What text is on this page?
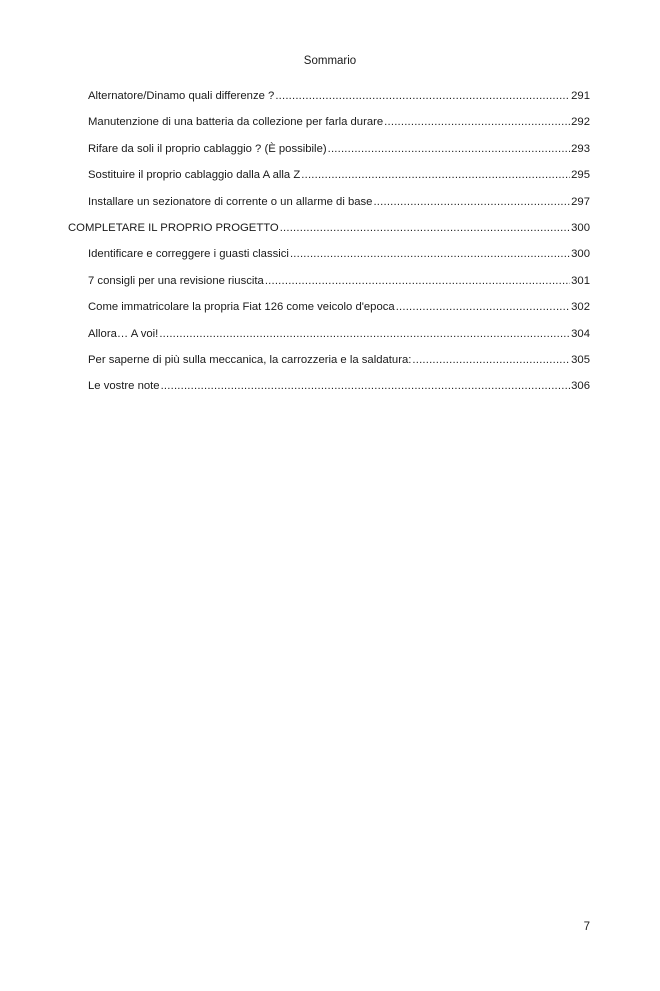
Sommario
Alternatore/Dinamo quali differenze ? .....	291
Manutenzione di una batteria da collezione per farla durare .....	292
Rifare da soli il proprio cablaggio ? (È possibile) .....	293
Sostituire il proprio cablaggio dalla A alla Z .....	295
Installare un sezionatore di corrente o un allarme di base .....	297
COMPLETARE IL PROPRIO PROGETTO .....	300
Identificare e correggere i guasti classici .....	300
7 consigli per una revisione riuscita .....	301
Come immatricolare la propria Fiat 126 come veicolo d'epoca .....	302
Allora… A voi! .....	304
Per saperne di più sulla meccanica, la carrozzeria e la saldatura: .....	305
Le vostre note .....	306
7
